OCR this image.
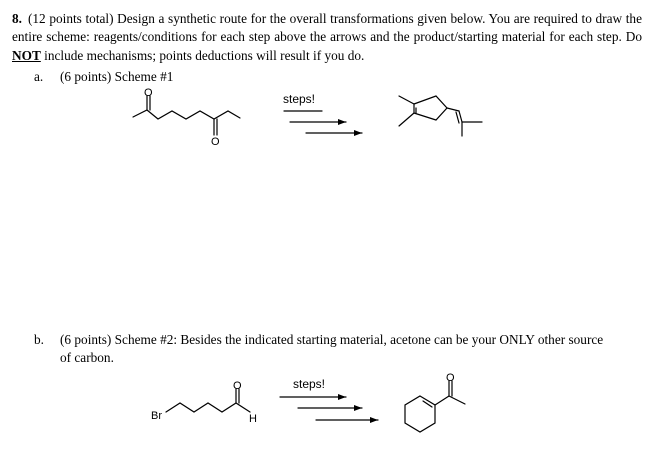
8. (12 points total) Design a synthetic route for the overall transformations given below. You are required to draw the entire scheme: reagents/conditions for each step above the arrows and the product/starting material for each step. Do NOT include mechanisms; points deductions will result if you do.
a. (6 points) Scheme #1
b. (6 points) Scheme #2: Besides the indicated starting material, acetone can be your ONLY other source
of carbon.
steps!
O
O
steps!
Br
O
H
O
